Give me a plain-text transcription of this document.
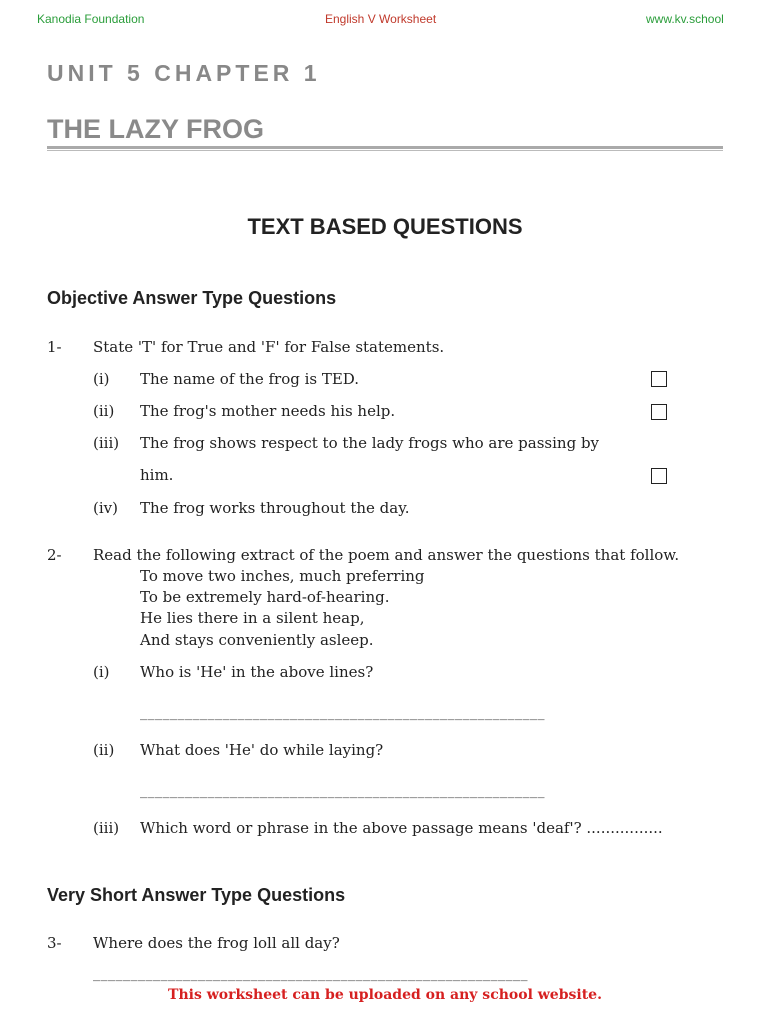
Kanodia Foundation	English V Worksheet	www.kv.school
UNIT 5 CHAPTER 1
THE LAZY FROG
TEXT BASED QUESTIONS
Objective Answer Type Questions
1- State 'T' for True and 'F' for False statements.
(i) The name of the frog is TED.
(ii) The frog's mother needs his help.
(iii) The frog shows respect to the lady frogs who are passing by
him.
(iv) The frog works throughout the day.
2- Read the following extract of the poem and answer the questions that follow.
To move two inches, much preferring
To be extremely hard-of-hearing.
He lies there in a silent heap,
And stays conveniently asleep.
(i) Who is 'He' in the above lines?
______________________________________________________
(ii) What does 'He' do while laying?
______________________________________________________
(iii) Which word or phrase in the above passage means 'deaf'? ................
Very Short Answer Type Questions
3- Where does the frog loll all day?
__________________________________________________________
This worksheet can be uploaded on any school website.
